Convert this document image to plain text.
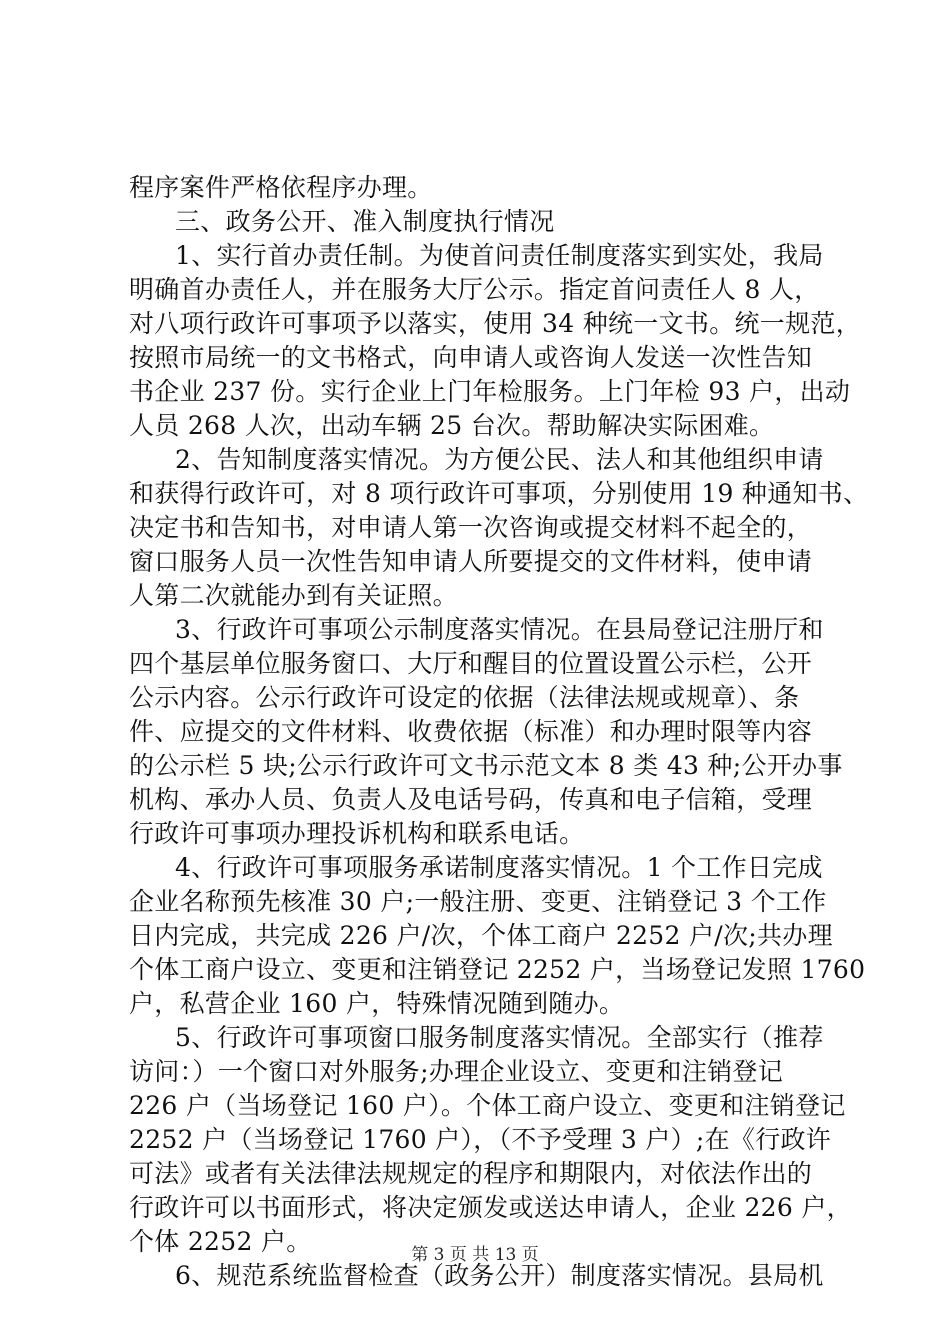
程序案件严格依程序办理。
三、政务公开、准入制度执行情况
1、实行首办责任制。为使首问责任制度落实到实处，我局
明确首办责任人，并在服务大厅公示。指定首问责任人 8 人，
对八项行政许可事项予以落实，使用 34 种统一文书。统一规范，
按照市局统一的文书格式，向申请人或咨询人发送一次性告知
书企业 237 份。实行企业上门年检服务。上门年检 93 户，出动
人员 268 人次，出动车辆 25 台次。帮助解决实际困难。
2、告知制度落实情况。为方便公民、法人和其他组织申请
和获得行政许可，对 8 项行政许可事项，分别使用 19 种通知书、
决定书和告知书，对申请人第一次咨询或提交材料不起全的，
窗口服务人员一次性告知申请人所要提交的文件材料，使申请
人第二次就能办到有关证照。
3、行政许可事项公示制度落实情况。在县局登记注册厅和
四个基层单位服务窗口、大厅和醒目的位置设置公示栏，公开
公示内容。公示行政许可设定的依据（法律法规或规章）、条
件、应提交的文件材料、收费依据（标准）和办理时限等内容
的公示栏 5 块;公示行政许可文书示范文本 8 类 43 种;公开办事
机构、承办人员、负责人及电话号码，传真和电子信箱，受理
行政许可事项办理投诉机构和联系电话。
4、行政许可事项服务承诺制度落实情况。1 个工作日完成
企业名称预先核准 30 户;一般注册、变更、注销登记 3 个工作
日内完成，共完成 226 户/次，个体工商户 2252 户/次;共办理
个体工商户设立、变更和注销登记 2252 户，当场登记发照 1760
户，私营企业 160 户，特殊情况随到随办。
5、行政许可事项窗口服务制度落实情况。全部实行（推荐
访问：）一个窗口对外服务;办理企业设立、变更和注销登记
226 户（当场登记 160 户）。个体工商户设立、变更和注销登记
2252 户（当场登记 1760 户），（不予受理 3 户）;在《行政许
可法》或者有关法律法规规定的程序和期限内，对依法作出的
行政许可以书面形式，将决定颁发或送达申请人，企业 226 户，
个体 2252 户。
6、规范系统监督检查（政务公开）制度落实情况。县局机
第 3 页 共 13 页
